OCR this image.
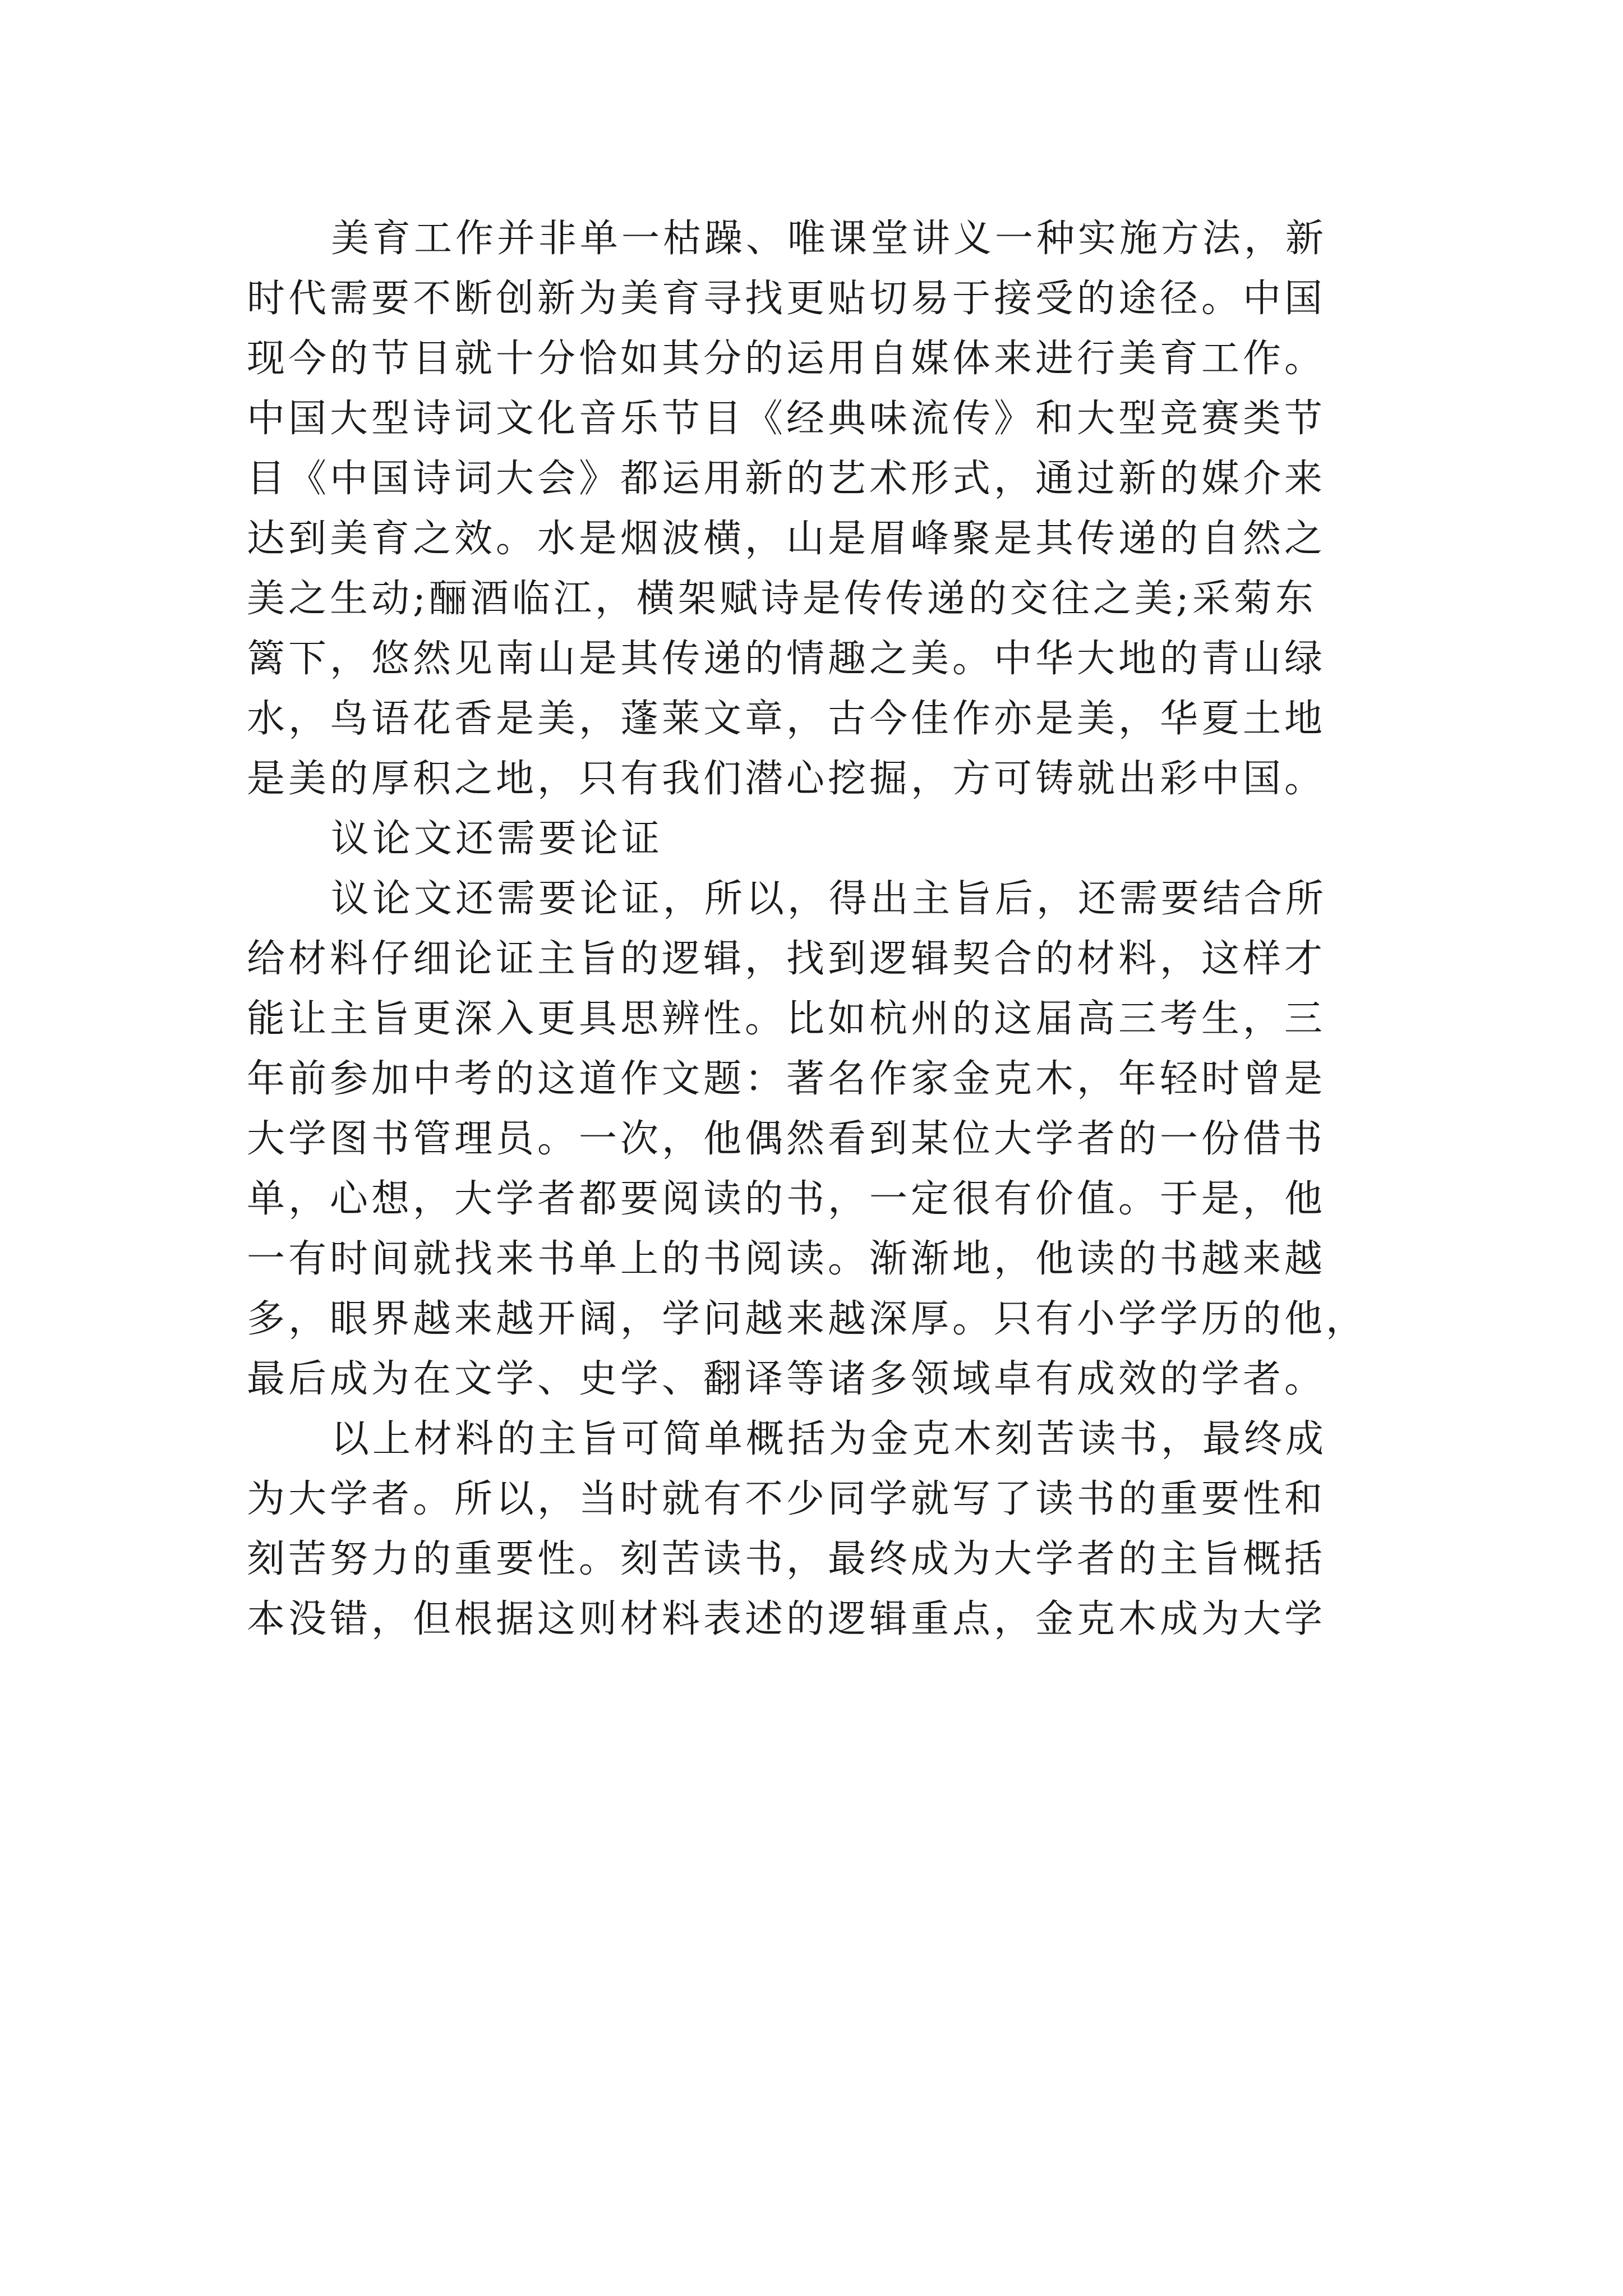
美育工作并非单一枯躁、唯课堂讲义一种实施方法，新
时代需要不断创新为美育寻找更贴切易于接受的途径。中国
现今的节目就十分恰如其分的运用自媒体来进行美育工作。
中国大型诗词文化音乐节目《经典味流传》和大型竞赛类节
目《中国诗词大会》都运用新的艺术形式，通过新的媒介来
达到美育之效。水是烟波横，山是眉峰聚是其传递的自然之
美之生动;酾酒临江，横架赋诗是传传递的交往之美;采菊东
篱下，悠然见南山是其传递的情趣之美。中华大地的青山绿
水，鸟语花香是美，蓬莱文章，古今佳作亦是美，华夏土地
是美的厚积之地，只有我们潜心挖掘，方可铸就出彩中国。
议论文还需要论证
议论文还需要论证，所以，得出主旨后，还需要结合所
给材料仔细论证主旨的逻辑，找到逻辑契合的材料，这样才
能让主旨更深入更具思辨性。比如杭州的这届高三考生，三
年前参加中考的这道作文题：著名作家金克木，年轻时曾是
大学图书管理员。一次，他偶然看到某位大学者的一份借书
单，心想，大学者都要阅读的书，一定很有价值。于是，他
一有时间就找来书单上的书阅读。渐渐地，他读的书越来越
多，眼界越来越开阔，学问越来越深厚。只有小学学历的他，
最后成为在文学、史学、翻译等诸多领域卓有成效的学者。
以上材料的主旨可简单概括为金克木刻苦读书，最终成
为大学者。所以，当时就有不少同学就写了读书的重要性和
刻苦努力的重要性。刻苦读书，最终成为大学者的主旨概括
本没错，但根据这则材料表述的逻辑重点，金克木成为大学
